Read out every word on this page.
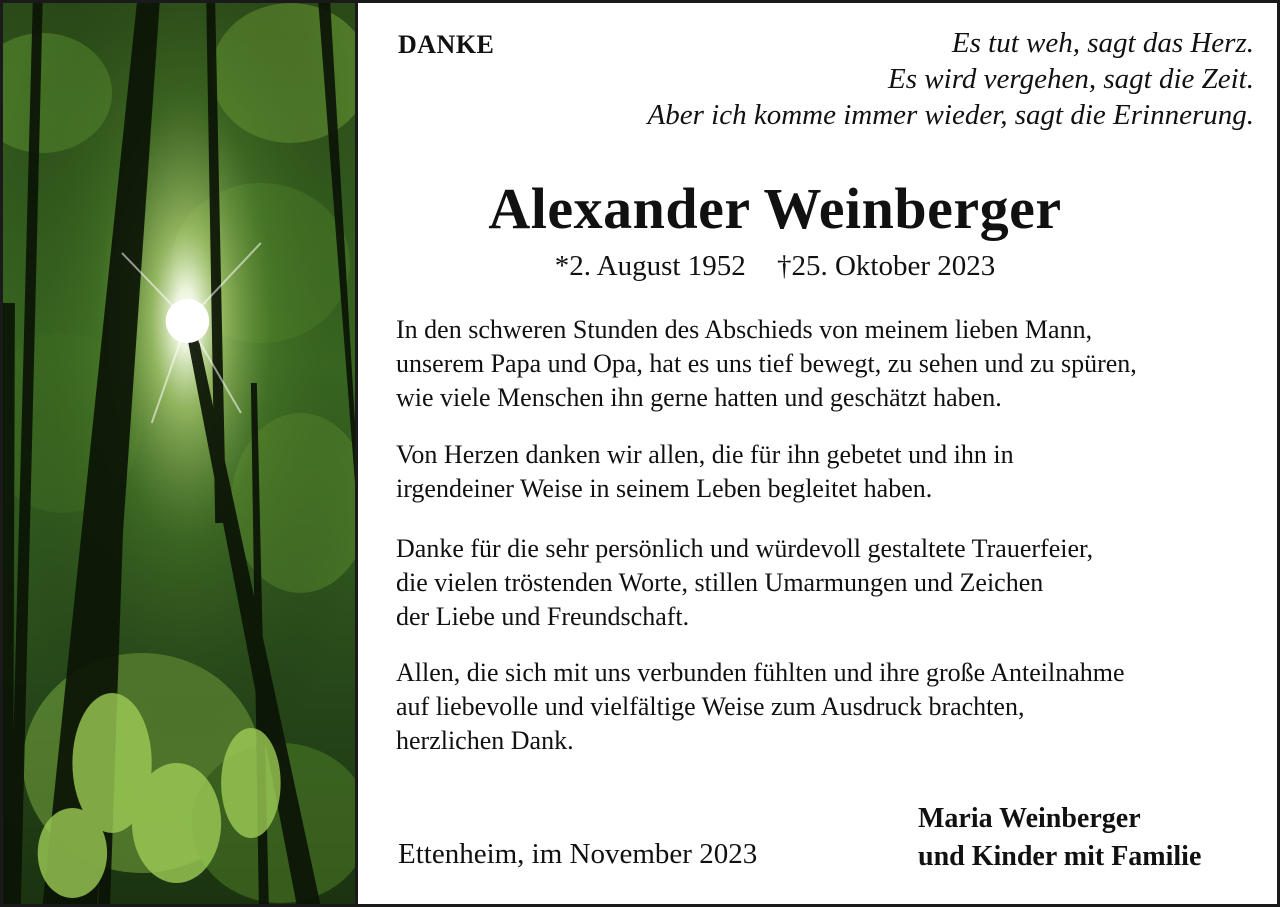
DANKE	Es tut weh, sagt das Herz.
Es wird vergehen, sagt die Zeit.
Aber ich komme immer wieder, sagt die Erinnerung.
Alexander Weinberger
*2. August 1952 †25. Oktober 2023
In den schweren Stunden des Abschieds von meinem lieben Mann,
unserem Papa und Opa, hat es uns tief bewegt, zu sehen und zu spüren,
wie viele Menschen ihn gerne hatten und geschätzt haben.
Von Herzen danken wir allen, die für ihn gebetet und ihn in
irgendeiner Weise in seinem Leben begleitet haben.
Danke für die sehr persönlich und würdevoll gestaltete Trauerfeier,
die vielen tröstenden Worte, stillen Umarmungen und Zeichen
der Liebe und Freundschaft.
Allen, die sich mit uns verbunden fühlten und ihre große Anteilnahme
auf liebevolle und vielfältige Weise zum Ausdruck brachten,
herzlichen Dank.
Ettenheim, im November 2023
Maria Weinberger
und Kinder mit Familie
